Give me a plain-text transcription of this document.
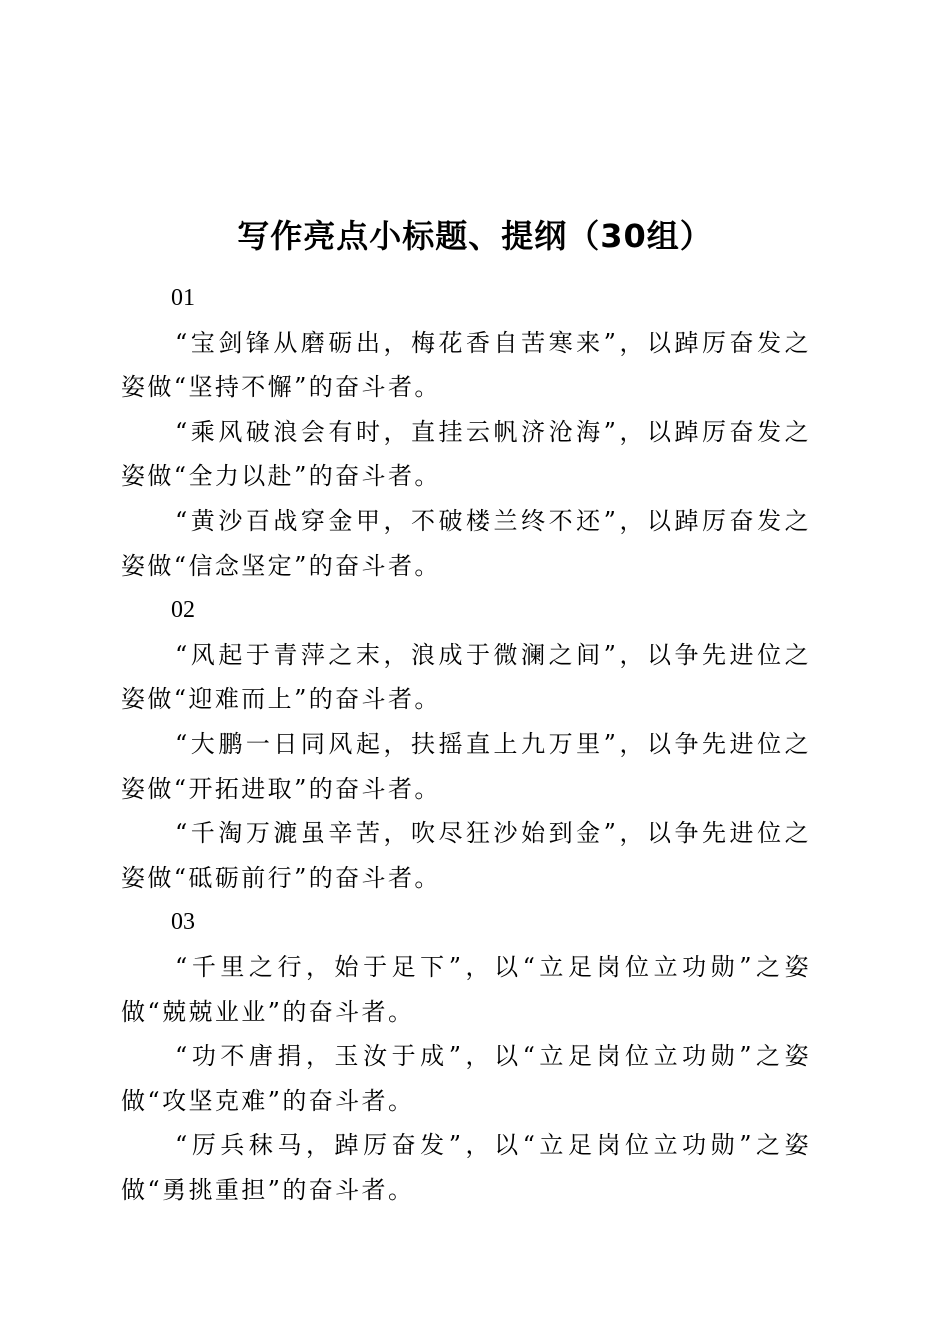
写作亮点小标题、提纲（30组）
01

“宝剑锋从磨砺出，梅花香自苦寒来”，以踔厉奋发之姿做“坚持不懈”的奋斗者。

“乘风破浪会有时，直挂云帆济沧海”，以踔厉奋发之姿做“全力以赴”的奋斗者。

“黄沙百战穿金甲，不破楼兰终不还”，以踔厉奋发之姿做“信念坚定”的奋斗者。

02

“风起于青萍之末，浪成于微澜之间”，以争先进位之姿做“迎难而上”的奋斗者。

“大鹏一日同风起，扶摇直上九万里”，以争先进位之姿做“开拓进取”的奋斗者。

“千淘万漉虽辛苦，吹尽狂沙始到金”，以争先进位之姿做“砥砺前行”的奋斗者。

03

“千里之行，始于足下”，以“立足岗位立功勋”之姿做“兢兢业业”的奋斗者。

“功不唐捐，玉汝于成”，以“立足岗位立功勋”之姿做“攻坚克难”的奋斗者。

“厉兵秣马，踔厉奋发”，以“立足岗位立功勋”之姿做“勇挑重担”的奋斗者。
